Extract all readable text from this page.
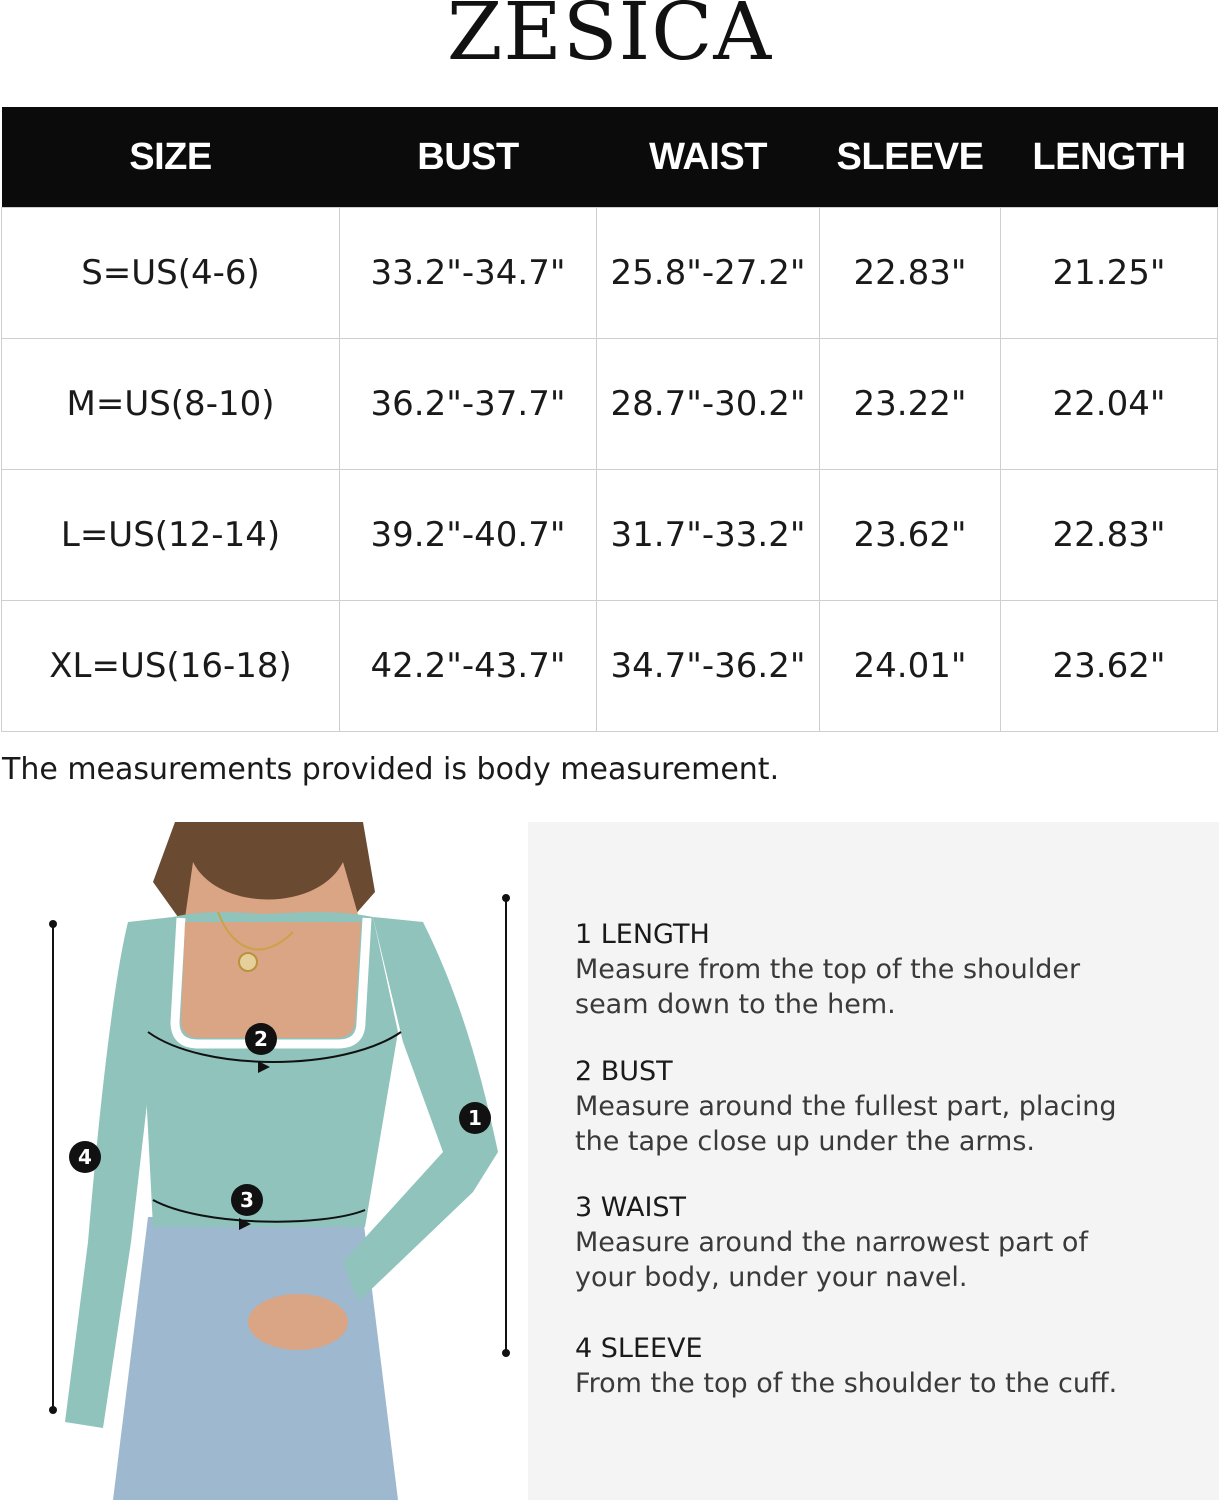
ZESICA
SIZE	BUST	WAIST	SLEEVE	LENGTH
S=US(4-6)	33.2"-34.7"	25.8"-27.2"	22.83"	21.25"
M=US(8-10)	36.2"-37.7"	28.7"-30.2"	23.22"	22.04"
L=US(12-14)	39.2"-40.7"	31.7"-33.2"	23.62"	22.83"
XL=US(16-18)	42.2"-43.7"	34.7"-36.2"	24.01"	23.62"
The measurements provided is body measurement.
1
2
3
4
1 LENGTH
Measure from the top of the shoulder seam down to the hem.
2 BUST
Measure around the fullest part, placing the tape close up under the arms.
3 WAIST
Measure around the narrowest part of your body, under your navel.
4 SLEEVE
From the top of the shoulder to the cuff.
